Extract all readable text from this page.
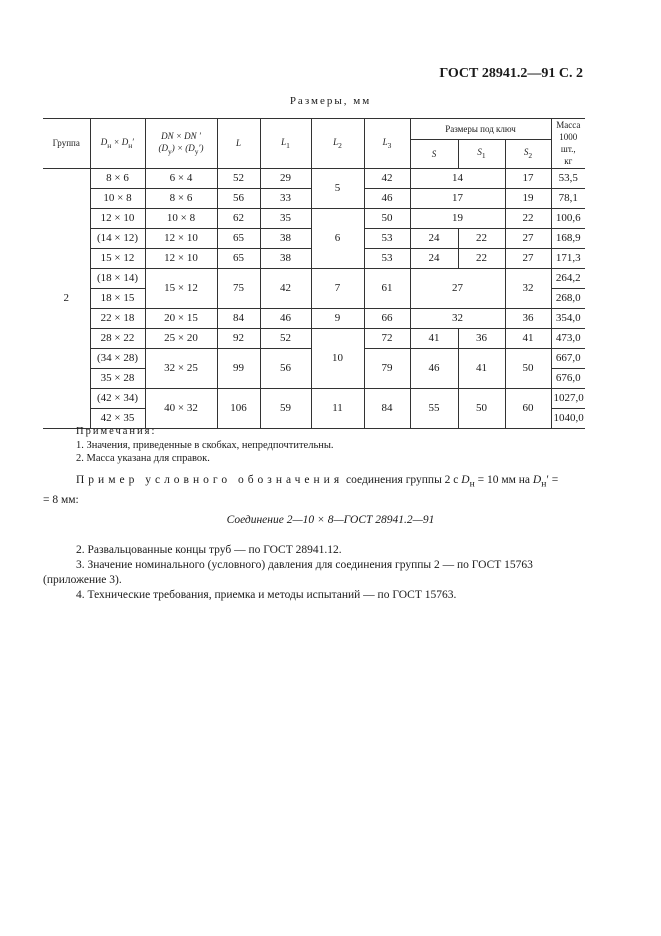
ГОСТ 28941.2—91 С. 2
Размеры, мм
Группа	$D_н \times D_н'$	DN × DN ′
$(D_у) \times (D_у')$	L	$L_1$	$L_2$	$L_3$	Размеры под ключ			Масса
1000 шт.,
кг
							S	$S_1$	$S_2$
2	8 × 6	6 × 4	52	29	5	42	14		17	53,5
	10 × 8	8 × 6	56	33		46	17		19	78,1
	12 × 10	10 × 8	62	35	6	50	19		22	100,6
	(14 × 12)	12 × 10	65	38		53	24	22	27	168,9
	15 × 12	12 × 10	65	38		53	24	22	27	171,3
	(18 × 14)	15 × 12	75	42	7	61	27		32	264,2
	18 × 15									268,0
	22 × 18	20 × 15	84	46	9	66	32		36	354,0
	28 × 22	25 × 20	92	52	10	72	41	36	41	473,0
	(34 × 28)	32 × 25	99	56		79	46	41	50	667,0
	35 × 28									676,0
	(42 × 34)	40 × 32	106	59	11	84	55	50	60	1027,0
	42 × 35									1040,0
Примечания:
1. Значения, приведенные в скобках, непредпочтительны.
2. Масса указана для справок.
Пример условного обозначения соединения группы 2 с $D_н = 10$ мм на $D_н'$ =
= 8 мм:
Соединение 2—10 × 8—ГОСТ 28941.2—91
2. Развальцованные концы труб — по ГОСТ 28941.12.
3. Значение номинального (условного) давления для соединения группы 2 — по ГОСТ 15763 (приложение 3).
4. Технические требования, приемка и методы испытаний — по ГОСТ 15763.
